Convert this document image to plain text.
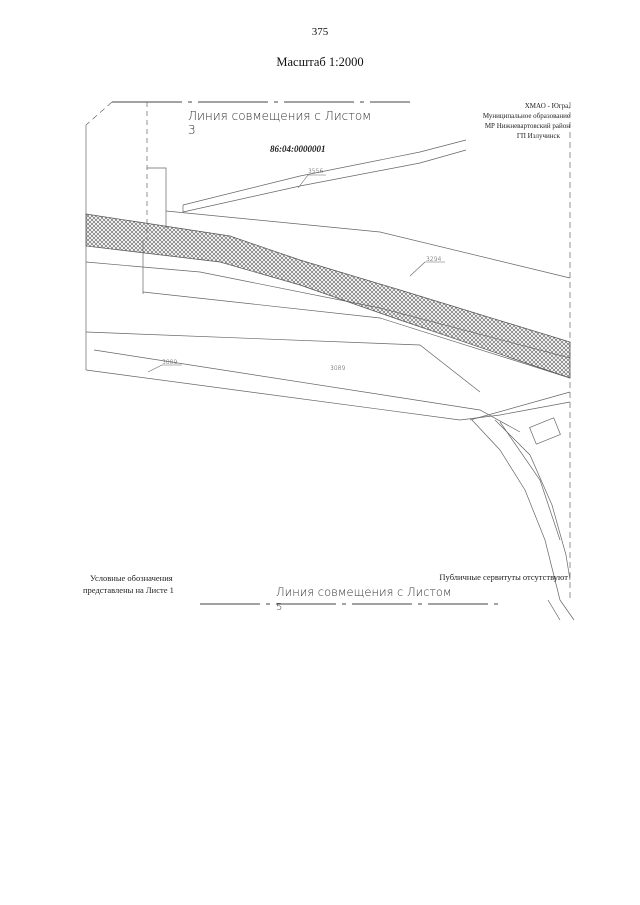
375
Масштаб 1:2000
Линия совмещения с Листом
3
Линия совмещения с Листом
5
86:04:0000001
ХМАО - Югра,
Муниципальное образование
МР Нижневартовский район
ГП Излучинск
3556
3294
3089
3089
Условные обозначения
представлены на Листе 1
Публичные сервитуты отсутствуют
